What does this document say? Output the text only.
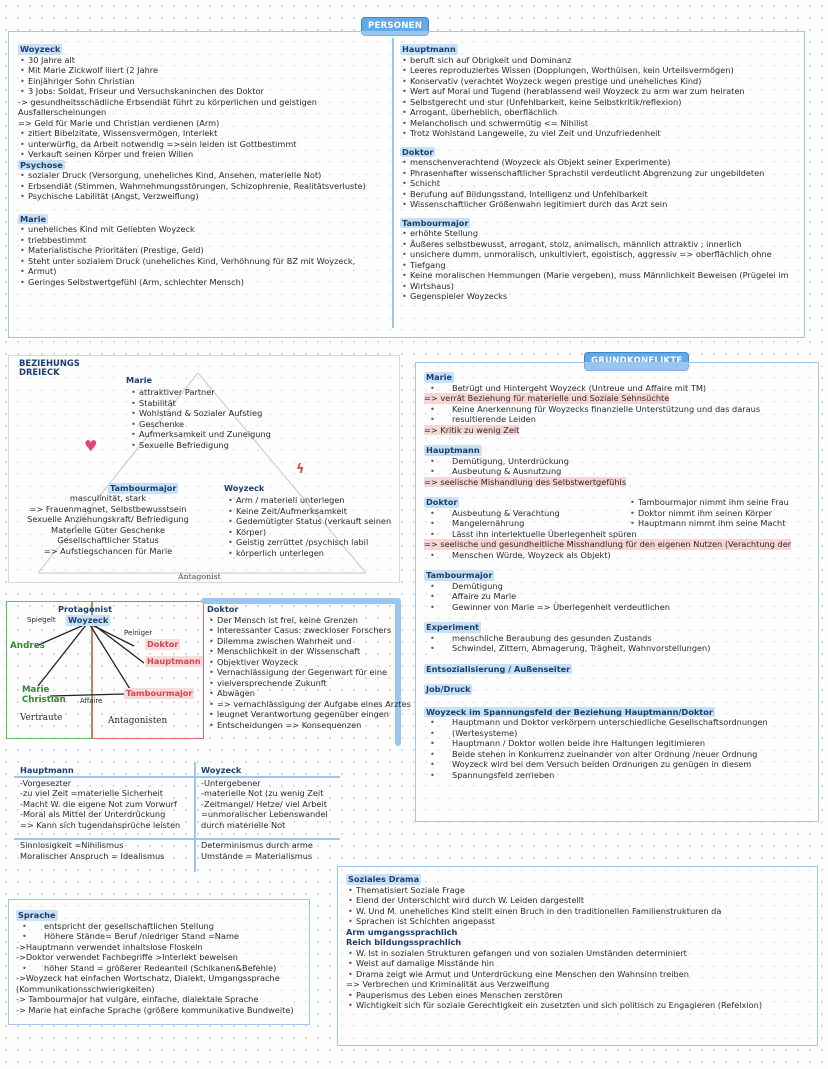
PERSONEN
Woyzeck
• 30 Jahre alt
• Mit Marie Zickwolf liiert (2 Jahre
• Einjähriger Sohn Christian
• 3 Jobs: Soldat, Friseur und Versuchskaninchen des Doktor
-> gesundheitsschädliche Erbsendiät führt zu körperlichen und geistigen
Ausfallerscheinungen
=> Geld für Marie und Christian verdienen (Arm)
• zitiert Bibelzitate, Wissensvermögen, Interlekt
• unterwürfig, da Arbeit notwendig =>sein leiden ist Gottbestimmt
• Verkauft seinen Körper und freien Willen
Psychose
• sozialer Druck (Versorgung, uneheliches Kind, Ansehen, materielle Not)
• Erbsendiät (Stimmen, Wahrnehmungsstörungen, Schizophrenie, Realitätsverluste)
• Psychische Labilität (Angst, Verzweiflung)
Marie
• uneheliches Kind mit Geliebten Woyzeck
• triebbestimmt
• Materialistische Prioritäten (Prestige, Geld)
• Steht unter sozialem Druck (uneheliches Kind, Verhöhnung für BZ mit Woyzeck,
• Armut)
• Geringes Selbstwertgefühl (Arm, schlechter Mensch)
Hauptmann
• beruft sich auf Obrigkeit und Dominanz
• Leeres reproduziertes Wissen (Dopplungen, Worthülsen, kein Urteilsvermögen)
• Konservativ (verachtet Woyzeck wegen prestige und uneheliches Kind)
• Wert auf Moral und Tugend (herablassend weil Woyzeck zu arm war zum heiraten
• Selbstgerecht und stur (Unfehlbarkeit, keine Selbstkritik/reflexion)
• Arrogant, überheblich, oberflächlich
• Melancholisch und schwermütig <= Nihilist
• Trotz Wohlstand Langeweile, zu viel Zeit und Unzufriedenheit
Doktor
• menschenverachtend (Woyzeck als Objekt seiner Experimente)
• Phrasenhafter wissenschaftlicher Sprachstil verdeutlicht Abgrenzung zur ungebildeten
• Schicht
• Berufung auf Bildungsstand, Intelligenz und Unfehlbarkeit
• Wissenschaftlicher Größenwahn legitimiert durch das Arzt sein
Tambourmajor
• erhöhte Stellung
• Äußeres selbstbewusst, arrogant, stolz, animalisch, männlich attraktiv ; innerlich
• unsichere dumm, unmoralisch, unkultiviert, egoistisch, aggressiv => oberflächlich ohne
• Tiefgang
• Keine moralischen Hemmungen (Marie vergeben), muss Männlichkeit Beweisen (Prügelei im
• Wirtshaus)
• Gegenspieler Woyzecks
BEZIEHUNGS
DREIECK
Marie
• attraktiver Partner
• Stabilität
• Wohlstand & Sozialer Aufstieg
• Geschenke
• Aufmerksamkeit und Zuneigung
• Sexuelle Befriedigung
♥
ϟ
Tambourmajor
masculinität, stark
=> Frauenmagnet, Selbstbewusstsein
Sexuelle Anziehungskraft/ Befriedigung
Materielle Güter Geschenke
Gesellschaftlicher Status
=> Aufstiegschancen für Marie
Woyzeck
• Arm / materiell unterlegen
• Keine Zeit/Aufmerksamkeit
• Gedemütigter Status (verkauft seinen
• Körper)
• Geistig zerrüttet /psychisch labil
• körperlich unterlegen
Antagonist
Protagonist
Woyzeck
Spiegelt
Andres
Peiniger
Doktor
Hauptmann
Tambourmajor
Marie
Christian Affaire
Vertraute	Antagonisten
Doktor
• Der Mensch ist frei, keine Grenzen
• Interessanter Casus: zweckloser Forschers
• Dilemma zwischen Wahrheit und
• Menschlichkeit in der Wissenschaft
• Objektiver Woyzeck
• Vernachlässigung der Gegenwart für eine
• vielversprechende Zukunft
• Abwägen
• => vernachlässigung der Aufgabe eines Arztes
• leugnet Verantwortung gegenüber eingen
• Entscheidungen => Konsequenzen
Hauptmann
-Vorgesezter
-zu viel Zeit =materielle Sicherheit
-Macht W. die eigene Not zum Vorwurf
-Moral als Mittel der Unterdrückung
=> Kann sich tugendansprüche leisten
Sinnlosigkeit =Nihilismus
Moralischer Anspruch = Idealismus
Woyzeck
-Untergebener
-materielle Not (zu wenig Zeit
-Zeitmangel/ Hetze/ viel Arbeit
=unmoralischer Lebenswandel
durch materielle Not
Determinismus durch arme
Umstände = Materialismus
Sprache
• entspricht der gesellschaftlichen Stellung
• Höhere Stände= Beruf /niedriger Stand =Name
->Hauptmann verwendet inhaltslose Floskeln
->Doktor verwendet Fachbegriffe >Interlekt beweisen
• höher Stand = größerer Redeanteil (Schikanen&Befehle)
->Woyzeck hat einfachen Wortschatz, Dialekt, Umgangssprache
(Kommunikationsschwierigkeiten)
-> Tambourmajor hat vulgäre, einfache, dialektale Sprache
-> Marie hat einfache Sprache (größere kommunikative Bundweite)
GRUNDKONFLIKTE
Marie
• Betrügt und Hintergeht Woyzeck (Untreue und Affaire mit TM)
=> verrät Beziehung für materielle und Soziale Sehnsüchte

• Keine Anerkennung für Woyzecks finanzielle Unterstützung und das daraus
• resultierende Leiden
=> Kritik zu wenig Zeit

Hauptmann
• Demütigung, Unterdrückung
• Ausbeutung & Ausnutzung
=> seelische Mishandlung des Selbstwertgefühls

Doktor
• Ausbeutung & Verachtung
• Mangelernährung
• Lässt ihn interlektuelle Überlegenheit spüren
=> seelische und gesundheitliche Misshandlung für den eigenen Nutzen (Verachtung der

• Menschen Würde, Woyzeck als Objekt)
Tambourmajor
• Demütigung
• Affaire zu Marie
• Gewinner von Marie => Überlegenheit verdeutlichen
Experiment
• menschliche Beraubung des gesunden Zustands
• Schwindel, Zittern, Abmagerung, Trägheit, Wahnvorstellungen)
Entsozialisierung / Außenseiter
Job/Druck
Woyzeck im Spannungsfeld der Beziehung Hauptmann/Doktor
• Hauptmann und Doktor verkörpern unterschiedliche Gesellschaftsordnungen
• (Wertesysteme)
• Hauptmann / Doktor wollen beide ihre Haltungen legitimieren
• Beide stehen in Konkurrenz zueinander von alter Ordnung /neuer Ordnung
• Woyzeck wird bei dem Versuch beiden Ordnungen zu genügen in diesem
• Spannungsfeld zerrieben
• Tambourmajor nimmt ihm seine Frau
• Doktor nimmt ihm seinen Körper
• Hauptmann nimmt ihm seine Macht
Soziales Drama
• Thematisiert Soziale Frage
• Elend der Unterschicht wird durch W. Leiden dargestellt
• W. Und M. uneheliches Kind stellt einen Bruch in den traditionellen Familienstrukturen da
• Sprachen ist Schichten angepasst
Arm umgangssprachlich
Reich bildungssprachlich
• W. Ist in sozialen Strukturen gefangen und von sozialen Umständen determiniert
• Weist auf damalige Misstände hin
• Drama zeigt wie Armut und Unterdrückung eine Menschen den Wahnsinn treiben
=> Verbrechen und Kriminalität aus Verzweiflung
• Pauperismus des Leben eines Menschen zerstören
• Wichtigkeit sich für soziale Gerechtigkeit ein zusetzten und sich politisch zu Engagieren (Refelxion)
